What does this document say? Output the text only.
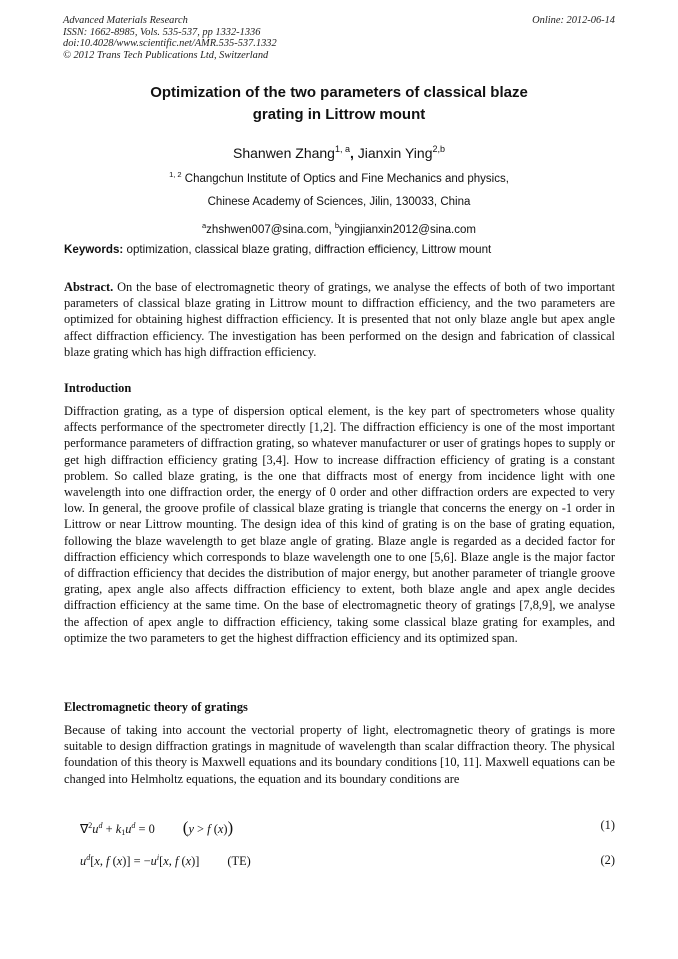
Advanced Materials Research
ISSN: 1662-8985, Vols. 535-537, pp 1332-1336
doi:10.4028/www.scientific.net/AMR.535-537.1332
© 2012 Trans Tech Publications Ltd, Switzerland
Online: 2012-06-14
Optimization of the two parameters of classical blaze
grating in Littrow mount
Shanwen Zhang$^{1, a}$, Jianxin Ying$^{2,b}$
$^{1, 2}$ Changchun Institute of Optics and Fine Mechanics and physics,
Chinese Academy of Sciences, Jilin, 130033, China
$^a$zhshwen007@sina.com, $^b$yingjianxin2012@sina.com
Keywords: optimization, classical blaze grating, diffraction efficiency, Littrow mount
Abstract. On the base of electromagnetic theory of gratings, we analyse the effects of both of two important parameters of classical blaze grating in Littrow mount to diffraction efficiency, and the two parameters are optimized for obtaining highest diffraction efficiency. It is presented that not only blaze angle but apex angle affect diffraction efficiency. The investigation has been performed on the design and fabrication of classical blaze grating which has high diffraction efficiency.
Introduction
Diffraction grating, as a type of dispersion optical element, is the key part of spectrometers whose quality affects performance of the spectrometer directly [1,2]. The diffraction efficiency is one of the most important performance parameters of diffraction grating, so whatever manufacturer or user of gratings hopes to supply or get high diffraction efficiency grating [3,4]. How to increase diffraction efficiency of grating is a constant problem. So called blaze grating, is the one that diffracts most of energy from incidence light with one wavelength into one diffraction order, the energy of 0 order and other diffraction orders are expected to very low. In general, the groove profile of classical blaze grating is triangle that concerns the energy on -1 order in Littrow or near Littrow mounting. The design idea of this kind of grating is on the base of grating equation, following the blaze wavelength to get blaze angle of grating. Blaze angle is regarded as a decided factor for diffraction efficiency which corresponds to blaze wavelength one to one [5,6]. Blaze angle is the major factor of diffraction efficiency that decides the distribution of major energy, but another parameter of triangle groove grating, apex angle also affects diffraction efficiency to extent, both blaze angle and apex angle decides diffraction efficiency at the same time. On the base of electromagnetic theory of gratings [7,8,9], we analyse the affection of apex angle to diffraction efficiency, taking some classical blaze grating for examples, and optimize the two parameters to get the highest diffraction efficiency and its optimized span.
Electromagnetic theory of gratings
Because of taking into account the vectorial property of light, electromagnetic theory of gratings is more suitable to design diffraction gratings in magnitude of wavelength than scalar diffraction theory. The physical foundation of this theory is Maxwell equations and its boundary conditions [10, 11]. Maxwell equations can be changed into Helmholtz equations, the equation and its boundary conditions are
$\nabla^2u^d + k_1u^d = 0$ (y > f (x))	(1)
$u^d[x$, f $(x)] = -u^i[x$, f (x)] (TE)	(2)
